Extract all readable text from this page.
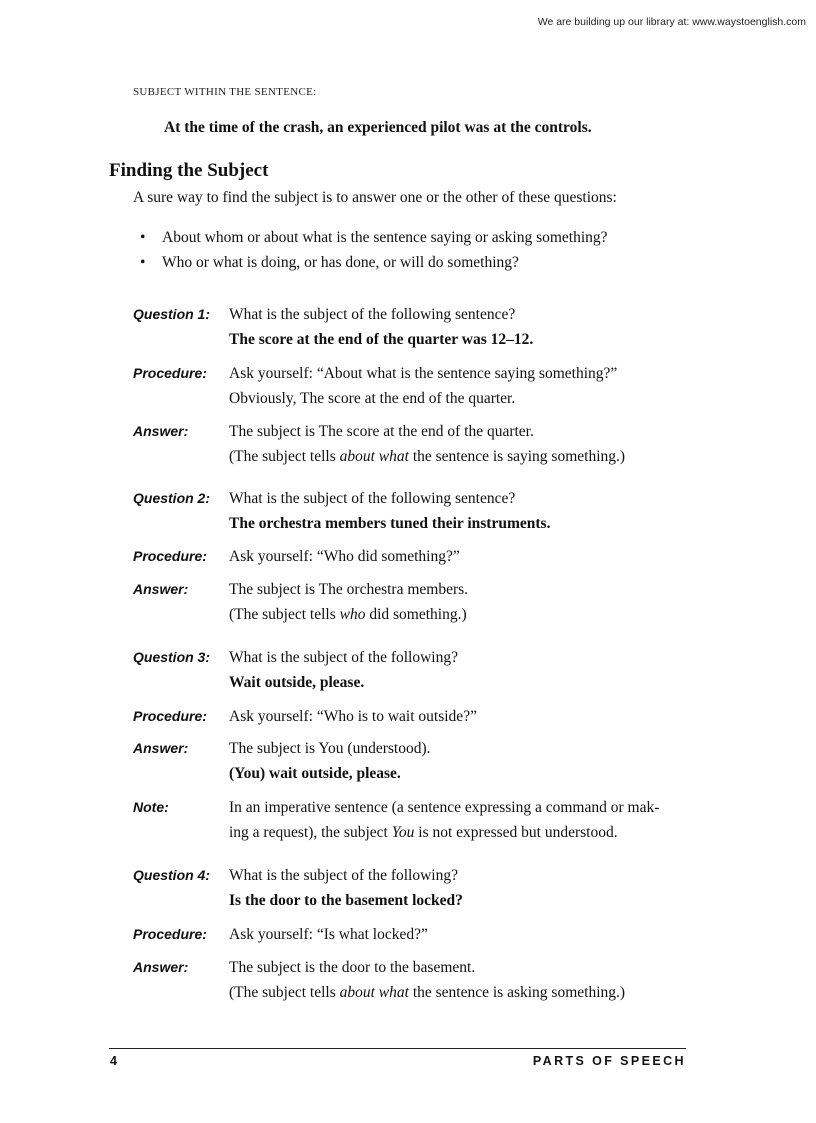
We are building up our library at: www.waystoenglish.com
SUBJECT WITHIN THE SENTENCE:
At the time of the crash, an experienced pilot was at the controls.
Finding the Subject
A sure way to find the subject is to answer one or the other of these questions:
• About whom or about what is the sentence saying or asking something?
• Who or what is doing, or has done, or will do something?
Question 1: What is the subject of the following sentence?
The score at the end of the quarter was 12–12.
Procedure: Ask yourself: “About what is the sentence saying something?”
Obviously, The score at the end of the quarter.
Answer:	The subject is The score at the end of the quarter.
(The subject tells about what the sentence is saying something.)
Question 2: What is the subject of the following sentence?
The orchestra members tuned their instruments.
Procedure: Ask yourself: “Who did something?”
Answer:	The subject is The orchestra members.
(The subject tells who did something.)
Question 3: What is the subject of the following?
Wait outside, please.
Procedure: Ask yourself: “Who is to wait outside?”
Answer:	The subject is You (understood).
(You) wait outside, please.
Note:	In an imperative sentence (a sentence expressing a command or mak-
ing a request), the subject You is not expressed but understood.
Question 4: What is the subject of the following?
Is the door to the basement locked?
Procedure: Ask yourself: “Is what locked?”
Answer:	The subject is the door to the basement.
(The subject tells about what the sentence is asking something.)
4	PARTS OF SPEECH
